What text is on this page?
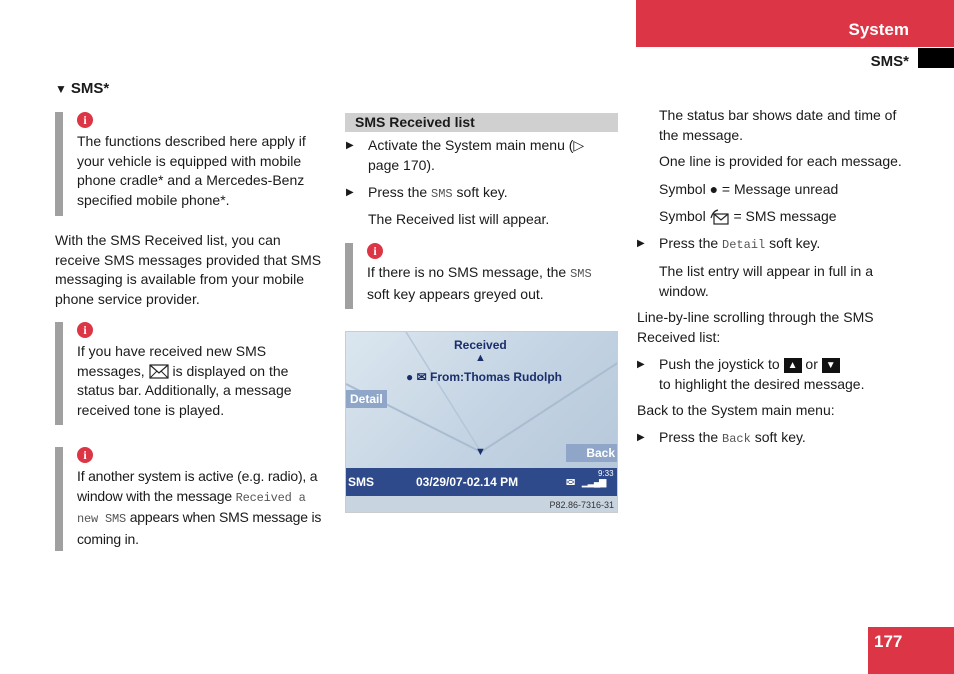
System
SMS*
▼ SMS*
i
The functions described here apply if your vehicle is equipped with mobile phone cradle* and a Mercedes-Benz specified mobile phone*.
With the SMS Received list, you can receive SMS messages provided that SMS messaging is available from your mobile phone service provider.
i
If you have received new SMS messages, is displayed on the status bar. Additionally, a message received tone is played.
i
If another system is active (e.g. radio), a window with the message Received a new SMS appears when SMS message is coming in.
SMS Received list
▶ Activate the System main menu (▷ page 170).
▶ Press the SMS soft key.
The Received list will appear.
i
If there is no SMS message, the SMS soft key appears greyed out.
Received
▲
● ✉ From:Thomas Rudolph
Detail
▼	Back
SMS	03/29/07-02.14 PM
9:33
✉ ▁▂▄▆
P82.86-7316-31
The status bar shows date and time of the message.
One line is provided for each message.
Symbol ● = Message unread
Symbol = SMS message
▶ Press the Detail soft key.
The list entry will appear in full in a window.
Line-by-line scrolling through the SMS Received list:
▶ Push the joystick to ▲ or ▼
to highlight the desired message.
Back to the System main menu:
▶ Press the Back soft key.
177
